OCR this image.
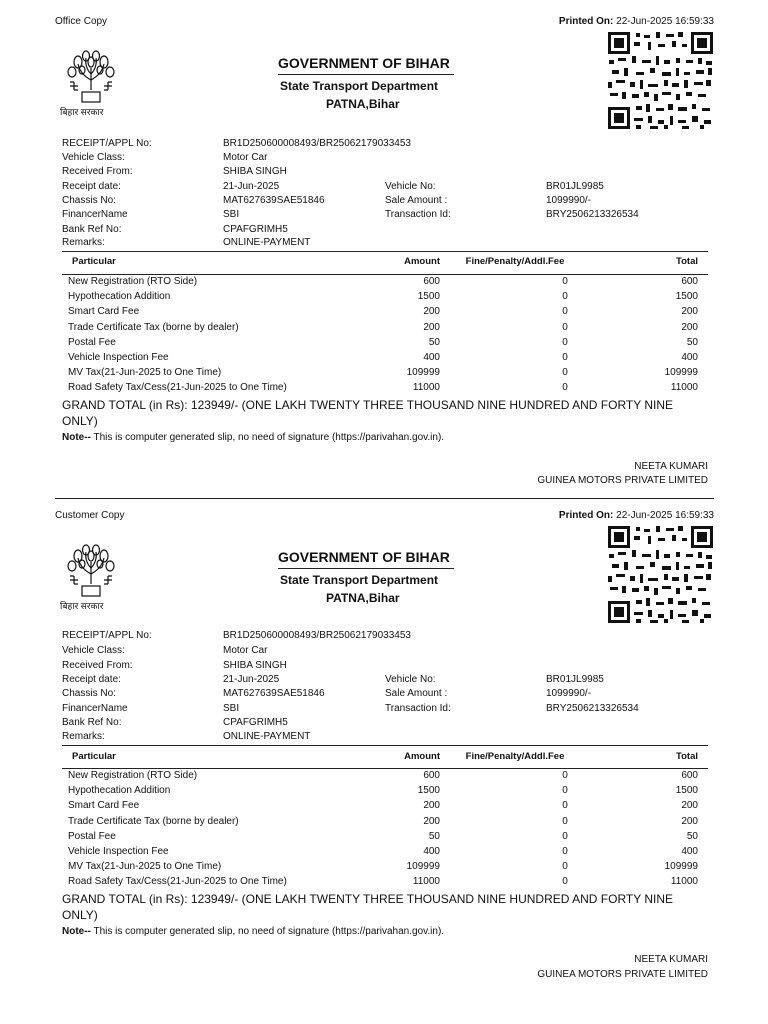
Office Copy	Printed On: 22-Jun-2025 16:59:33
बिहार सरकार
GOVERNMENT OF BIHAR
State Transport Department
PATNA,Bihar
RECEIPT/APPL No:	BR1D250600008493/BR25062179033453
Vehicle Class:	Motor Car
Received From:	SHIBA SINGH
Receipt date:	21-Jun-2025	Vehicle No:	BR01JL9985
Chassis No:	MAT627639SAE51846	Sale Amount :	1099990/-
FinancerName	SBI	Transaction Id:	BRY2506213326534
Bank Ref No:	CPAFGRIMH5
Remarks:	ONLINE-PAYMENT
Particular	Amount	Fine/Penalty/Addl.Fee	Total
GRAND TOTAL (in Rs): 123949/- (ONE LAKH TWENTY THREE THOUSAND NINE HUNDRED AND FORTY NINE ONLY)
Note-- This is computer generated slip, no need of signature (https://parivahan.gov.in).
NEETA KUMARI
GUINEA MOTORS PRIVATE LIMITED
New Registration (RTO Side)	600	0	600
Hypothecation Addition	1500	0	1500
Smart Card Fee	200	0	200
Trade Certificate Tax (borne by dealer)	200	0	200
Postal Fee	50	0	50
Vehicle Inspection Fee	400	0	400
MV Tax(21-Jun-2025 to One Time)	109999	0	109999
Road Safety Tax/Cess(21-Jun-2025 to One Time)	11000	0	11000
Customer Copy	Printed On: 22-Jun-2025 16:59:33
बिहार सरकार
GOVERNMENT OF BIHAR
State Transport Department
PATNA,Bihar
RECEIPT/APPL No:	BR1D250600008493/BR25062179033453
Vehicle Class:	Motor Car
Received From:	SHIBA SINGH
Receipt date:	21-Jun-2025	Vehicle No:	BR01JL9985
Chassis No:	MAT627639SAE51846	Sale Amount :	1099990/-
FinancerName	SBI	Transaction Id:	BRY2506213326534
Bank Ref No:	CPAFGRIMH5
Remarks:	ONLINE-PAYMENT
Particular	Amount	Fine/Penalty/Addl.Fee	Total
GRAND TOTAL (in Rs): 123949/- (ONE LAKH TWENTY THREE THOUSAND NINE HUNDRED AND FORTY NINE ONLY)
Note-- This is computer generated slip, no need of signature (https://parivahan.gov.in).
NEETA KUMARI
GUINEA MOTORS PRIVATE LIMITED
New Registration (RTO Side)	600	0	600
Hypothecation Addition	1500	0	1500
Smart Card Fee	200	0	200
Trade Certificate Tax (borne by dealer)	200	0	200
Postal Fee	50	0	50
Vehicle Inspection Fee	400	0	400
MV Tax(21-Jun-2025 to One Time)	109999	0	109999
Road Safety Tax/Cess(21-Jun-2025 to One Time)	11000	0	11000
